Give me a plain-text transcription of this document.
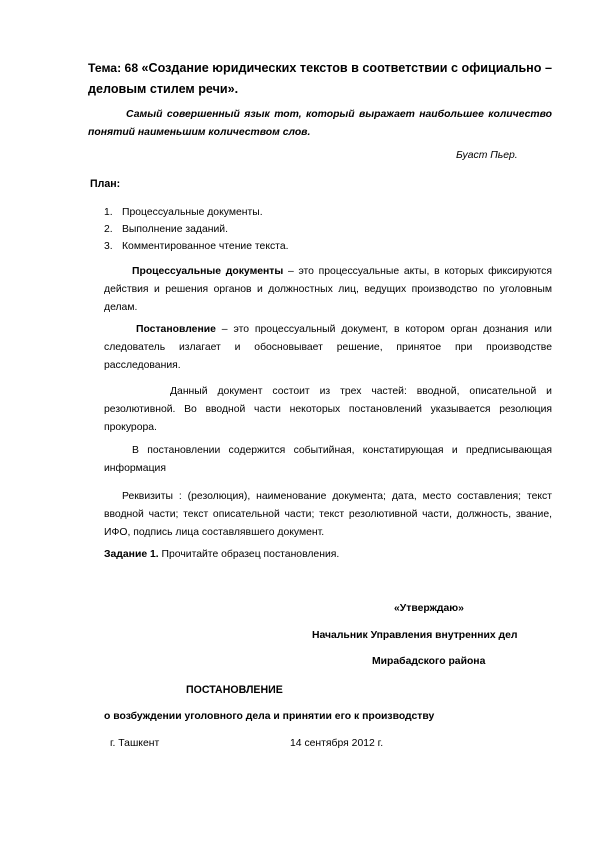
Тема: 68 «Создание юридических текстов в соответствии с официально – деловым стилем речи».
Самый совершенный язык тот, который выражает наибольшее количество понятий наименьшим количеством слов.
Буаст Пьер.
План:
1. Процессуальные документы.
2. Выполнение заданий.
3. Комментированное чтение текста.
Процессуальные документы – это процессуальные акты, в которых фиксируются действия и решения органов и должностных лиц, ведущих производство по уголовным делам.
Постановление – это процессуальный документ, в котором орган дознания или следователь излагает и обосновывает решение, принятое при производстве расследования.
Данный документ состоит из трех частей: вводной, описательной и резолютивной. Во вводной части некоторых постановлений указывается резолюция прокурора.
В постановлении содержится событийная, констатирующая и предписывающая информация
Реквизиты : (резолюция), наименование документа; дата, место составления; текст вводной части; текст описательной части; текст резолютивной части, должность, звание, ИФО, подпись лица составлявшего документ.
Задание 1. Прочитайте образец постановления.
«Утверждаю»
Начальник Управления внутренних дел
Мирабадского района
ПОСТАНОВЛЕНИЕ
о возбуждении уголовного дела и принятии его к производству
г. Ташкент	14 сентября 2012 г.
